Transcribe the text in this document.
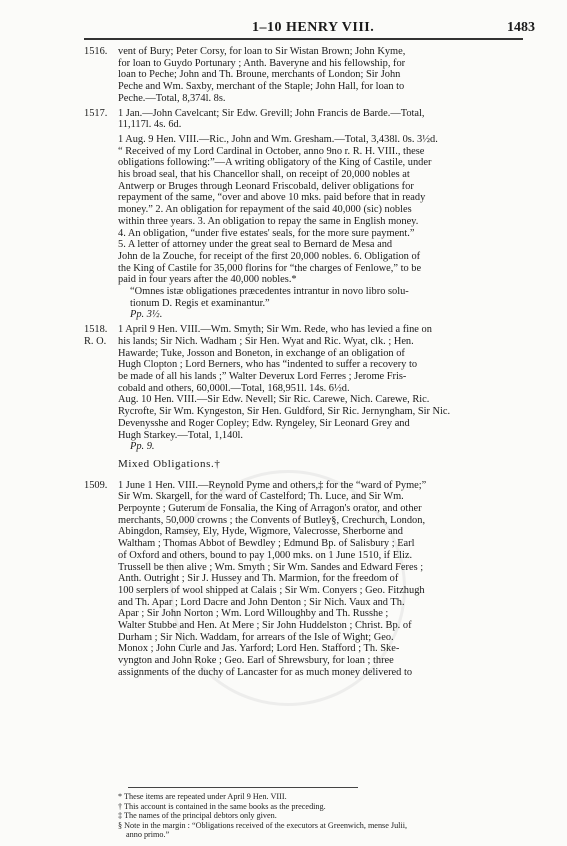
1–10 HENRY VIII.	1483
1516. vent of Bury; Peter Corsy, for loan to Sir Wistan Brown; John Kyme,
for loan to Guydo Portunary ; Anth. Baveryne and his fellowship, for
loan to Peche; John and Th. Broune, merchants of London; Sir John
Peche and Wm. Saxby, merchant of the Staple; John Hall, for loan to
Peche.—Total, 8,374l. 8s.
1517. 1 Jan.—John Cavelcant; Sir Edw. Grevill; John Francis de Barde.—Total,
11,117l. 4s. 6d.
1 Aug. 9 Hen. VIII.—Ric., John and Wm. Gresham.—Total, 3,438l. 0s. 3½d.
“ Received of my Lord Cardinal in October, anno 9no r. R. H. VIII., these
obligations following:”—A writing obligatory of the King of Castile, under
his broad seal, that his Chancellor shall, on receipt of 20,000 nobles at
Antwerp or Bruges through Leonard Friscobald, deliver obligations for
repayment of the same, “over and above 10 mks. paid before that in ready
money.” 2. An obligation for repayment of the said 40,000 (sic) nobles
within three years. 3. An obligation to repay the same in English money.
4. An obligation, “under five estates' seals, for the more sure payment.”
5. A letter of attorney under the great seal to Bernard de Mesa and
John de la Zouche, for receipt of the first 20,000 nobles. 6. Obligation of
the King of Castile for 35,000 florins for “the charges of Fenlowe,” to be
paid in four years after the 40,000 nobles.*
“Omnes istæ obligationes præcedentes intrantur in novo libro solu-
tionum D. Regis et examinantur.”
Pp. 3½.
1518. 1 April 9 Hen. VIII.—Wm. Smyth; Sir Wm. Rede, who has levied a fine on
R. O. his lands; Sir Nich. Wadham ; Sir Hen. Wyat and Ric. Wyat, clk. ; Hen.
Hawarde; Tuke, Josson and Boneton, in exchange of an obligation of
Hugh Clopton ; Lord Berners, who has “indented to suffer a recovery to
be made of all his lands ;” Walter Deverux Lord Ferres ; Jerome Fris-
cobald and others, 60,000l.—Total, 168,951l. 14s. 6½d.
Aug. 10 Hen. VIII.—Sir Edw. Nevell; Sir Ric. Carewe, Nich. Carewe, Ric.
Rycrofte, Sir Wm. Kyngeston, Sir Hen. Guldford, Sir Ric. Jernyngham, Sir Nic.
Devenysshe and Roger Copley; Edw. Ryngeley, Sir Leonard Grey and
Hugh Starkey.—Total, 1,140l.
Pp. 9.
Mixed Obligations.†
1509. 1 June 1 Hen. VIII.—Reynold Pyme and others,‡ for the “ward of Pyme;”
Sir Wm. Skargell, for the ward of Castelford; Th. Luce, and Sir Wm.
Perpoynte ; Guterum de Fonsalia, the King of Arragon's orator, and other
merchants, 50,000 crowns ; the Convents of Butley§, Crechurch, London,
Abingdon, Ramsey, Ely, Hyde, Wigmore, Valecrosse, Sherborne and
Waltham ; Thomas Abbot of Bewdley ; Edmund Bp. of Salisbury ; Earl
of Oxford and others, bound to pay 1,000 mks. on 1 June 1510, if Eliz.
Trussell be then alive ; Wm. Smyth ; Sir Wm. Sandes and Edward Feres ;
Anth. Outright ; Sir J. Hussey and Th. Marmion, for the freedom of
100 serplers of wool shipped at Calais ; Sir Wm. Conyers ; Geo. Fitzhugh
and Th. Apar ; Lord Dacre and John Denton ; Sir Nich. Vaux and Th.
Apar ; Sir John Norton ; Wm. Lord Willoughby and Th. Russhe ;
Walter Stubbe and Hen. At Mere ; Sir John Huddelston ; Christ. Bp. of
Durham ; Sir Nich. Waddam, for arrears of the Isle of Wight; Geo.
Monox ; John Curle and Jas. Yarford; Lord Hen. Stafford ; Th. Ske-
vyngton and John Roke ; Geo. Earl of Shrewsbury, for loan ; three
assignments of the duchy of Lancaster for as much money delivered to
* These items are repeated under April 9 Hen. VIII.
† This account is contained in the same books as the preceding.
‡ The names of the principal debtors only given.
§ Note in the margin : “Obligations received of the executors at Greenwich, mense Julii,
anno primo.”
